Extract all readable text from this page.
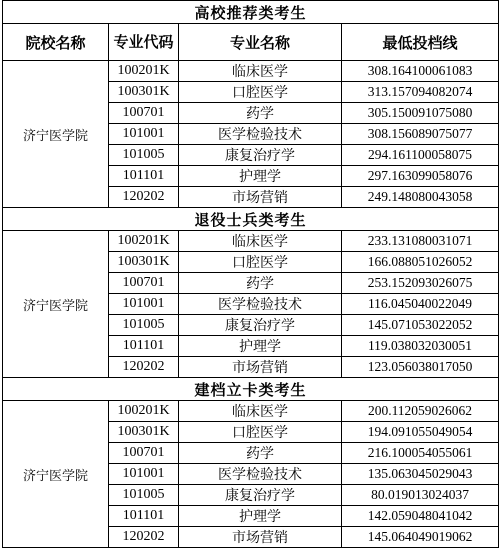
高校推荐类考生			
院校名称	专业代码	专业名称	最低投档线
济宁医学院	100201K	临床医学	308.164100061083
	100301K	口腔医学	313.157094082074
	100701	药学	305.150091075080
	101001	医学检验技术	308.156089075077
	101005	康复治疗学	294.161100058075
	101101	护理学	297.163099058076
	120202	市场营销	249.148080043058
退役士兵类考生			
济宁医学院	100201K	临床医学	233.131080031071
	100301K	口腔医学	166.088051026052
	100701	药学	253.152093026075
	101001	医学检验技术	116.045040022049
	101005	康复治疗学	145.071053022052
	101101	护理学	119.038032030051
	120202	市场营销	123.056038017050
建档立卡类考生			
济宁医学院	100201K	临床医学	200.112059026062
	100301K	口腔医学	194.091055049054
	100701	药学	216.100054055061
	101001	医学检验技术	135.063045029043
	101005	康复治疗学	80.019013024037
	101101	护理学	142.059048041042
	120202	市场营销	145.064049019062
